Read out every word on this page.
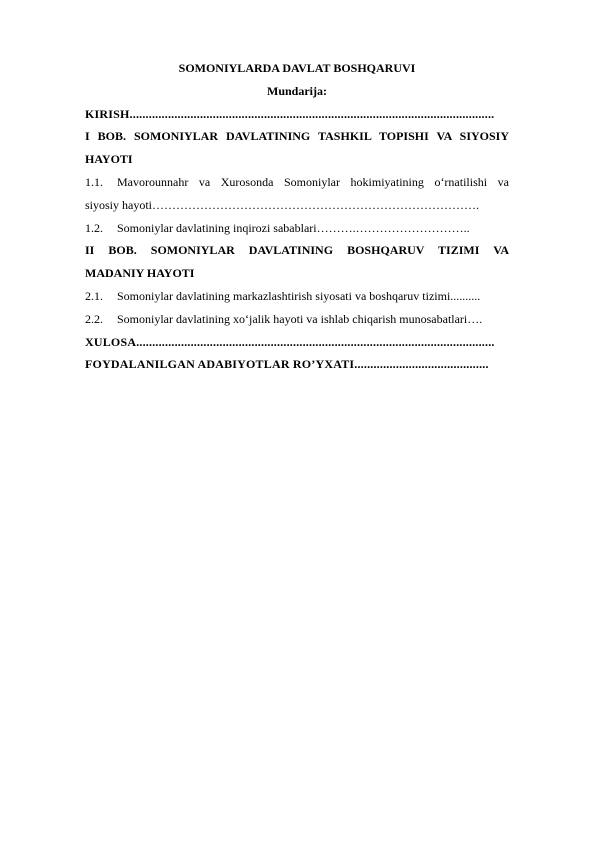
SOMONIYLARDA DAVLAT BOSHQARUVI
Mundarija:
KIRISH..................................................................................................................
I BOB. SOMONIYLAR DAVLATINING TASHKIL TOPISHI VA SIYOSIY
HAYOTI
1.1.	Mavorounnahr va Xurosonda Somoniylar hokimiyatining o‘rnatilishi va
siyosiy hayoti……………………………………………………………………….
1.2.	Somoniylar davlatining inqirozi sabablari……….………………………..
II BOB. SOMONIYLAR DAVLATINING BOSHQARUV TIZIMI VA
MADANIY HAYOTI
2.1.	Somoniylar davlatining markazlashtirish siyosati va boshqaruv tizimi..........
2.2.	Somoniylar davlatining xo‘jalik hayoti va ishlab chiqarish munosabatlari….
XULOSA................................................................................................................
FOYDALANILGAN ADABIYOTLAR RO’YXATI..........................................
